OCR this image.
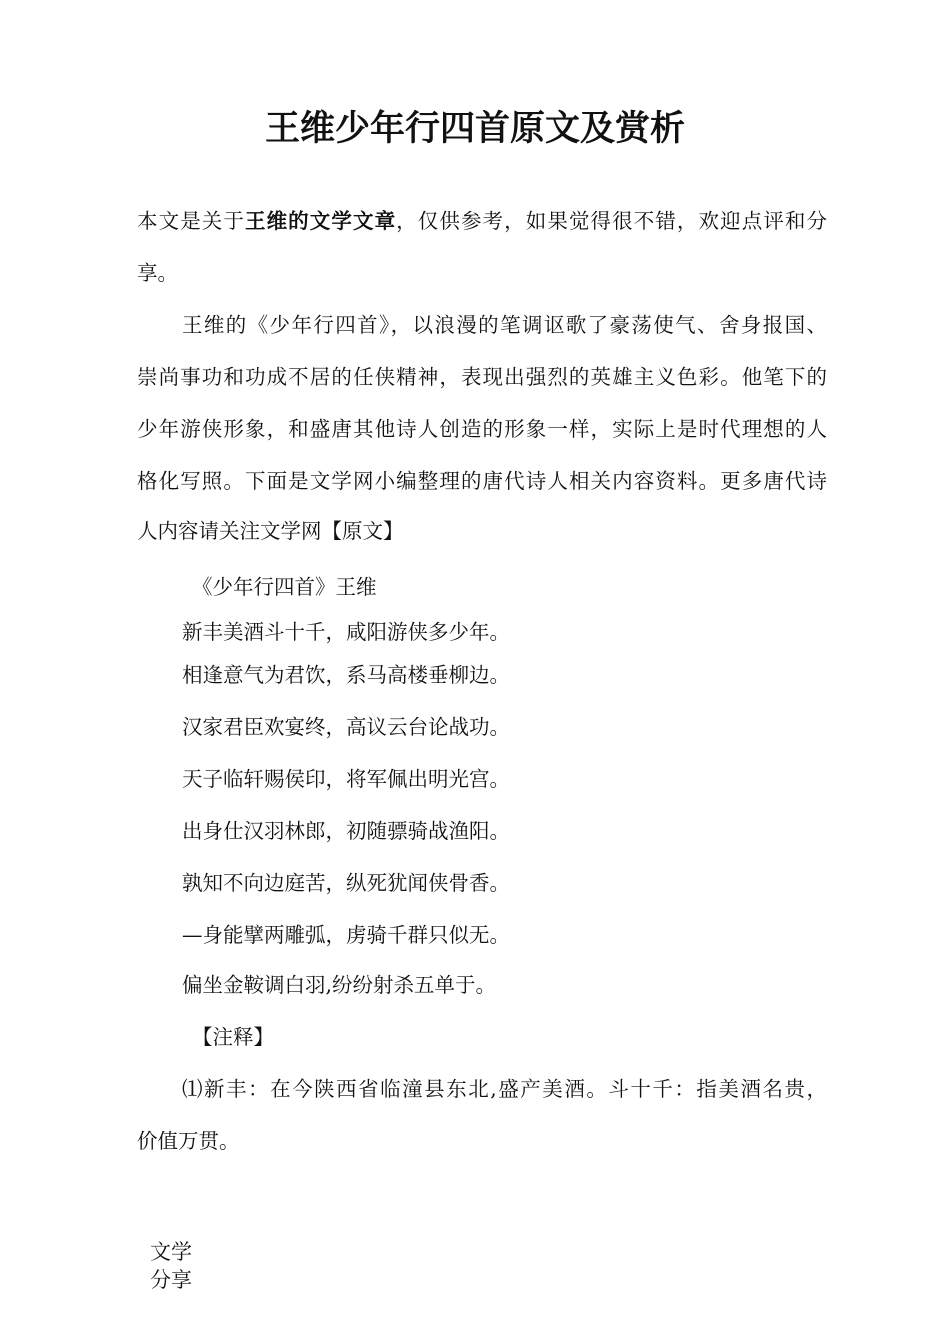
王维少年行四首原文及赏析
本文是关于王维的文学文章，仅供参考，如果觉得很不错，欢迎点评和分
享。
王维的《少年行四首》，以浪漫的笔调讴歌了豪荡使气、舍身报国、
崇尚事功和功成不居的任侠精神，表现出强烈的英雄主义色彩。他笔下的
少年游侠形象，和盛唐其他诗人创造的形象一样，实际上是时代理想的人
格化写照。下面是文学网小编整理的唐代诗人相关内容资料。更多唐代诗
人内容请关注文学网【原文】
《少年行四首》王维
新丰美酒斗十千，咸阳游侠多少年。
相逢意气为君饮，系马高楼垂柳边。
汉家君臣欢宴终，高议云台论战功。
天子临轩赐侯印，将军佩出明光宫。
出身仕汉羽林郎，初随骠骑战渔阳。
孰知不向边庭苦，纵死犹闻侠骨香。
—身能擘两雕弧，虏骑千群只似无。
偏坐金鞍调白羽,纷纷射杀五单于。
【注释】
⑴新丰：在今陕西省临潼县东北,盛产美酒。斗十千：指美酒名贵，
价值万贯。
文学
分享
